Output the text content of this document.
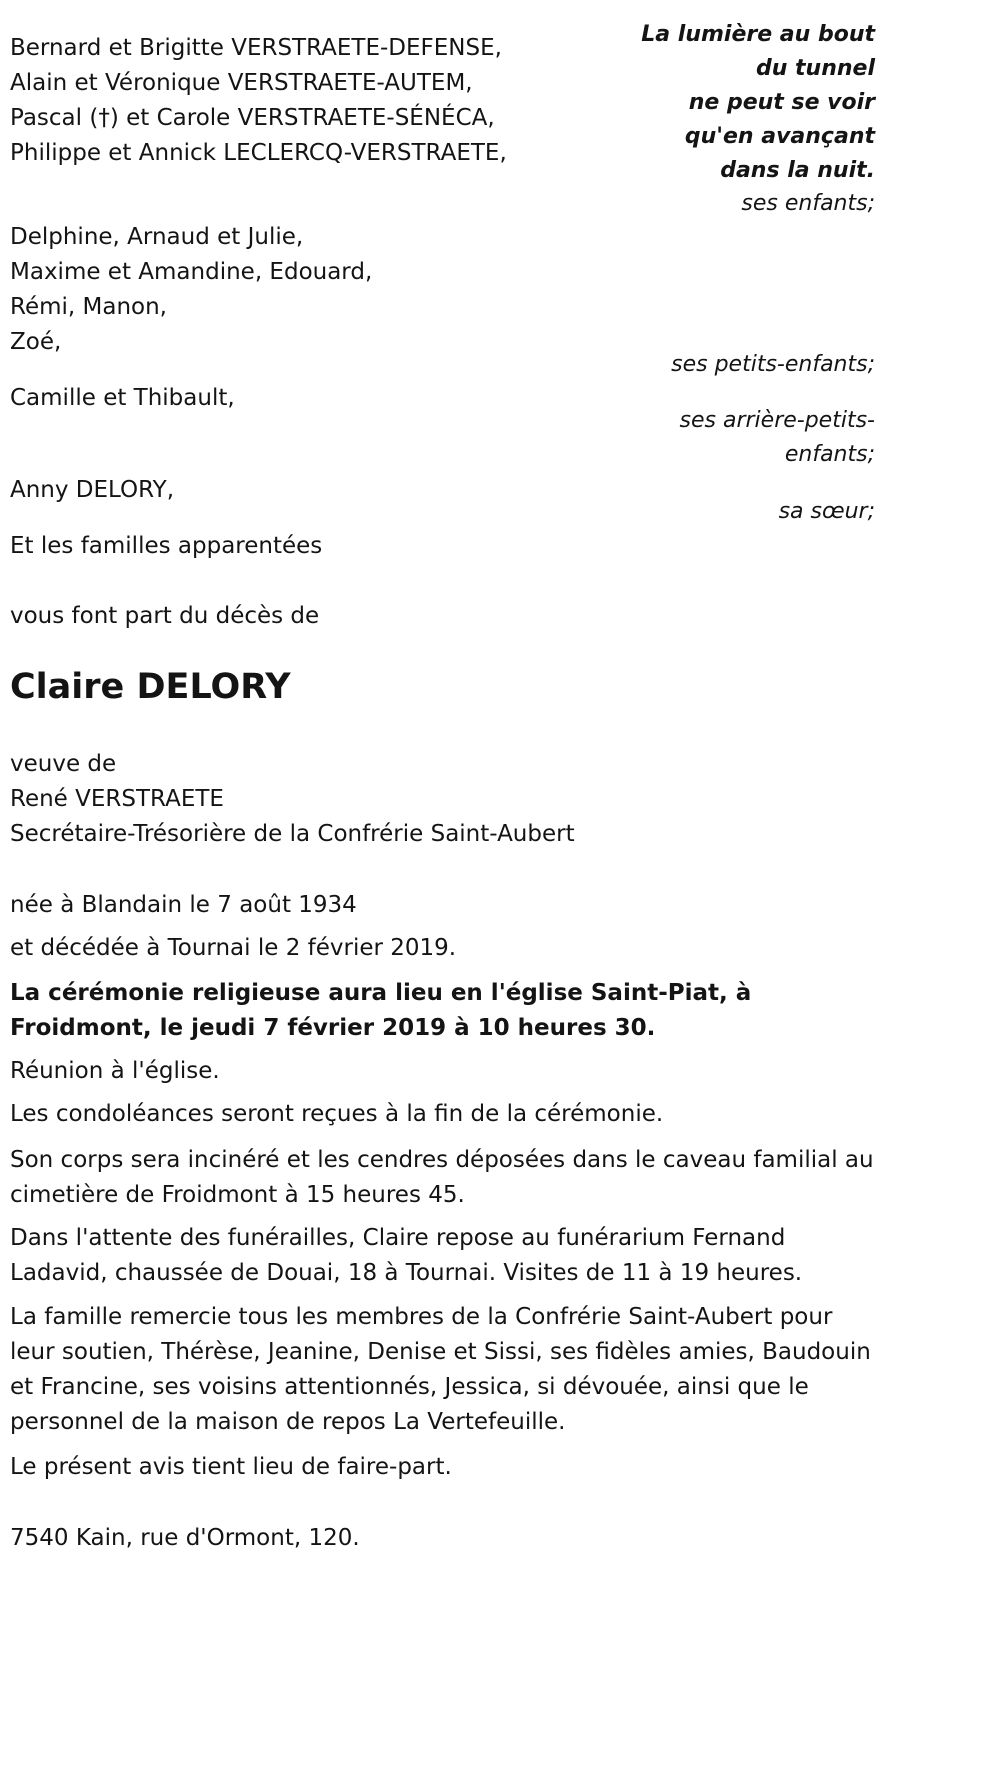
La lumière au bout
du tunnel
ne peut se voir
qu'en avançant
dans la nuit.
Bernard et Brigitte VERSTRAETE-DEFENSE,
Alain et Véronique VERSTRAETE-AUTEM,
Pascal (†) et Carole VERSTRAETE-SÉNÉCA,
Philippe et Annick LECLERCQ-VERSTRAETE,
ses enfants;
Delphine, Arnaud et Julie,
Maxime et Amandine, Edouard,
Rémi, Manon,
Zoé,
ses petits-enfants;
Camille et Thibault,
ses arrière-petits-
enfants;
Anny DELORY,
sa sœur;
Et les familles apparentées
vous font part du décès de
Claire DELORY
veuve de
René VERSTRAETE
Secrétaire-Trésorière de la Confrérie Saint-Aubert
née à Blandain le 7 août 1934
et décédée à Tournai le 2 février 2019.
La cérémonie religieuse aura lieu en l'église Saint-Piat, à Froidmont, le jeudi 7 février 2019 à 10 heures 30.
Réunion à l'église.
Les condoléances seront reçues à la fin de la cérémonie.
Son corps sera incinéré et les cendres déposées dans le caveau familial au cimetière de Froidmont à 15 heures 45.
Dans l'attente des funérailles, Claire repose au funérarium Fernand Ladavid, chaussée de Douai, 18 à Tournai. Visites de 11 à 19 heures.
La famille remercie tous les membres de la Confrérie Saint-Aubert pour leur soutien, Thérèse, Jeanine, Denise et Sissi, ses fidèles amies, Baudouin et Francine, ses voisins attentionnés, Jessica, si dévouée, ainsi que le personnel de la maison de repos La Vertefeuille.
Le présent avis tient lieu de faire-part.
7540 Kain, rue d'Ormont, 120.
